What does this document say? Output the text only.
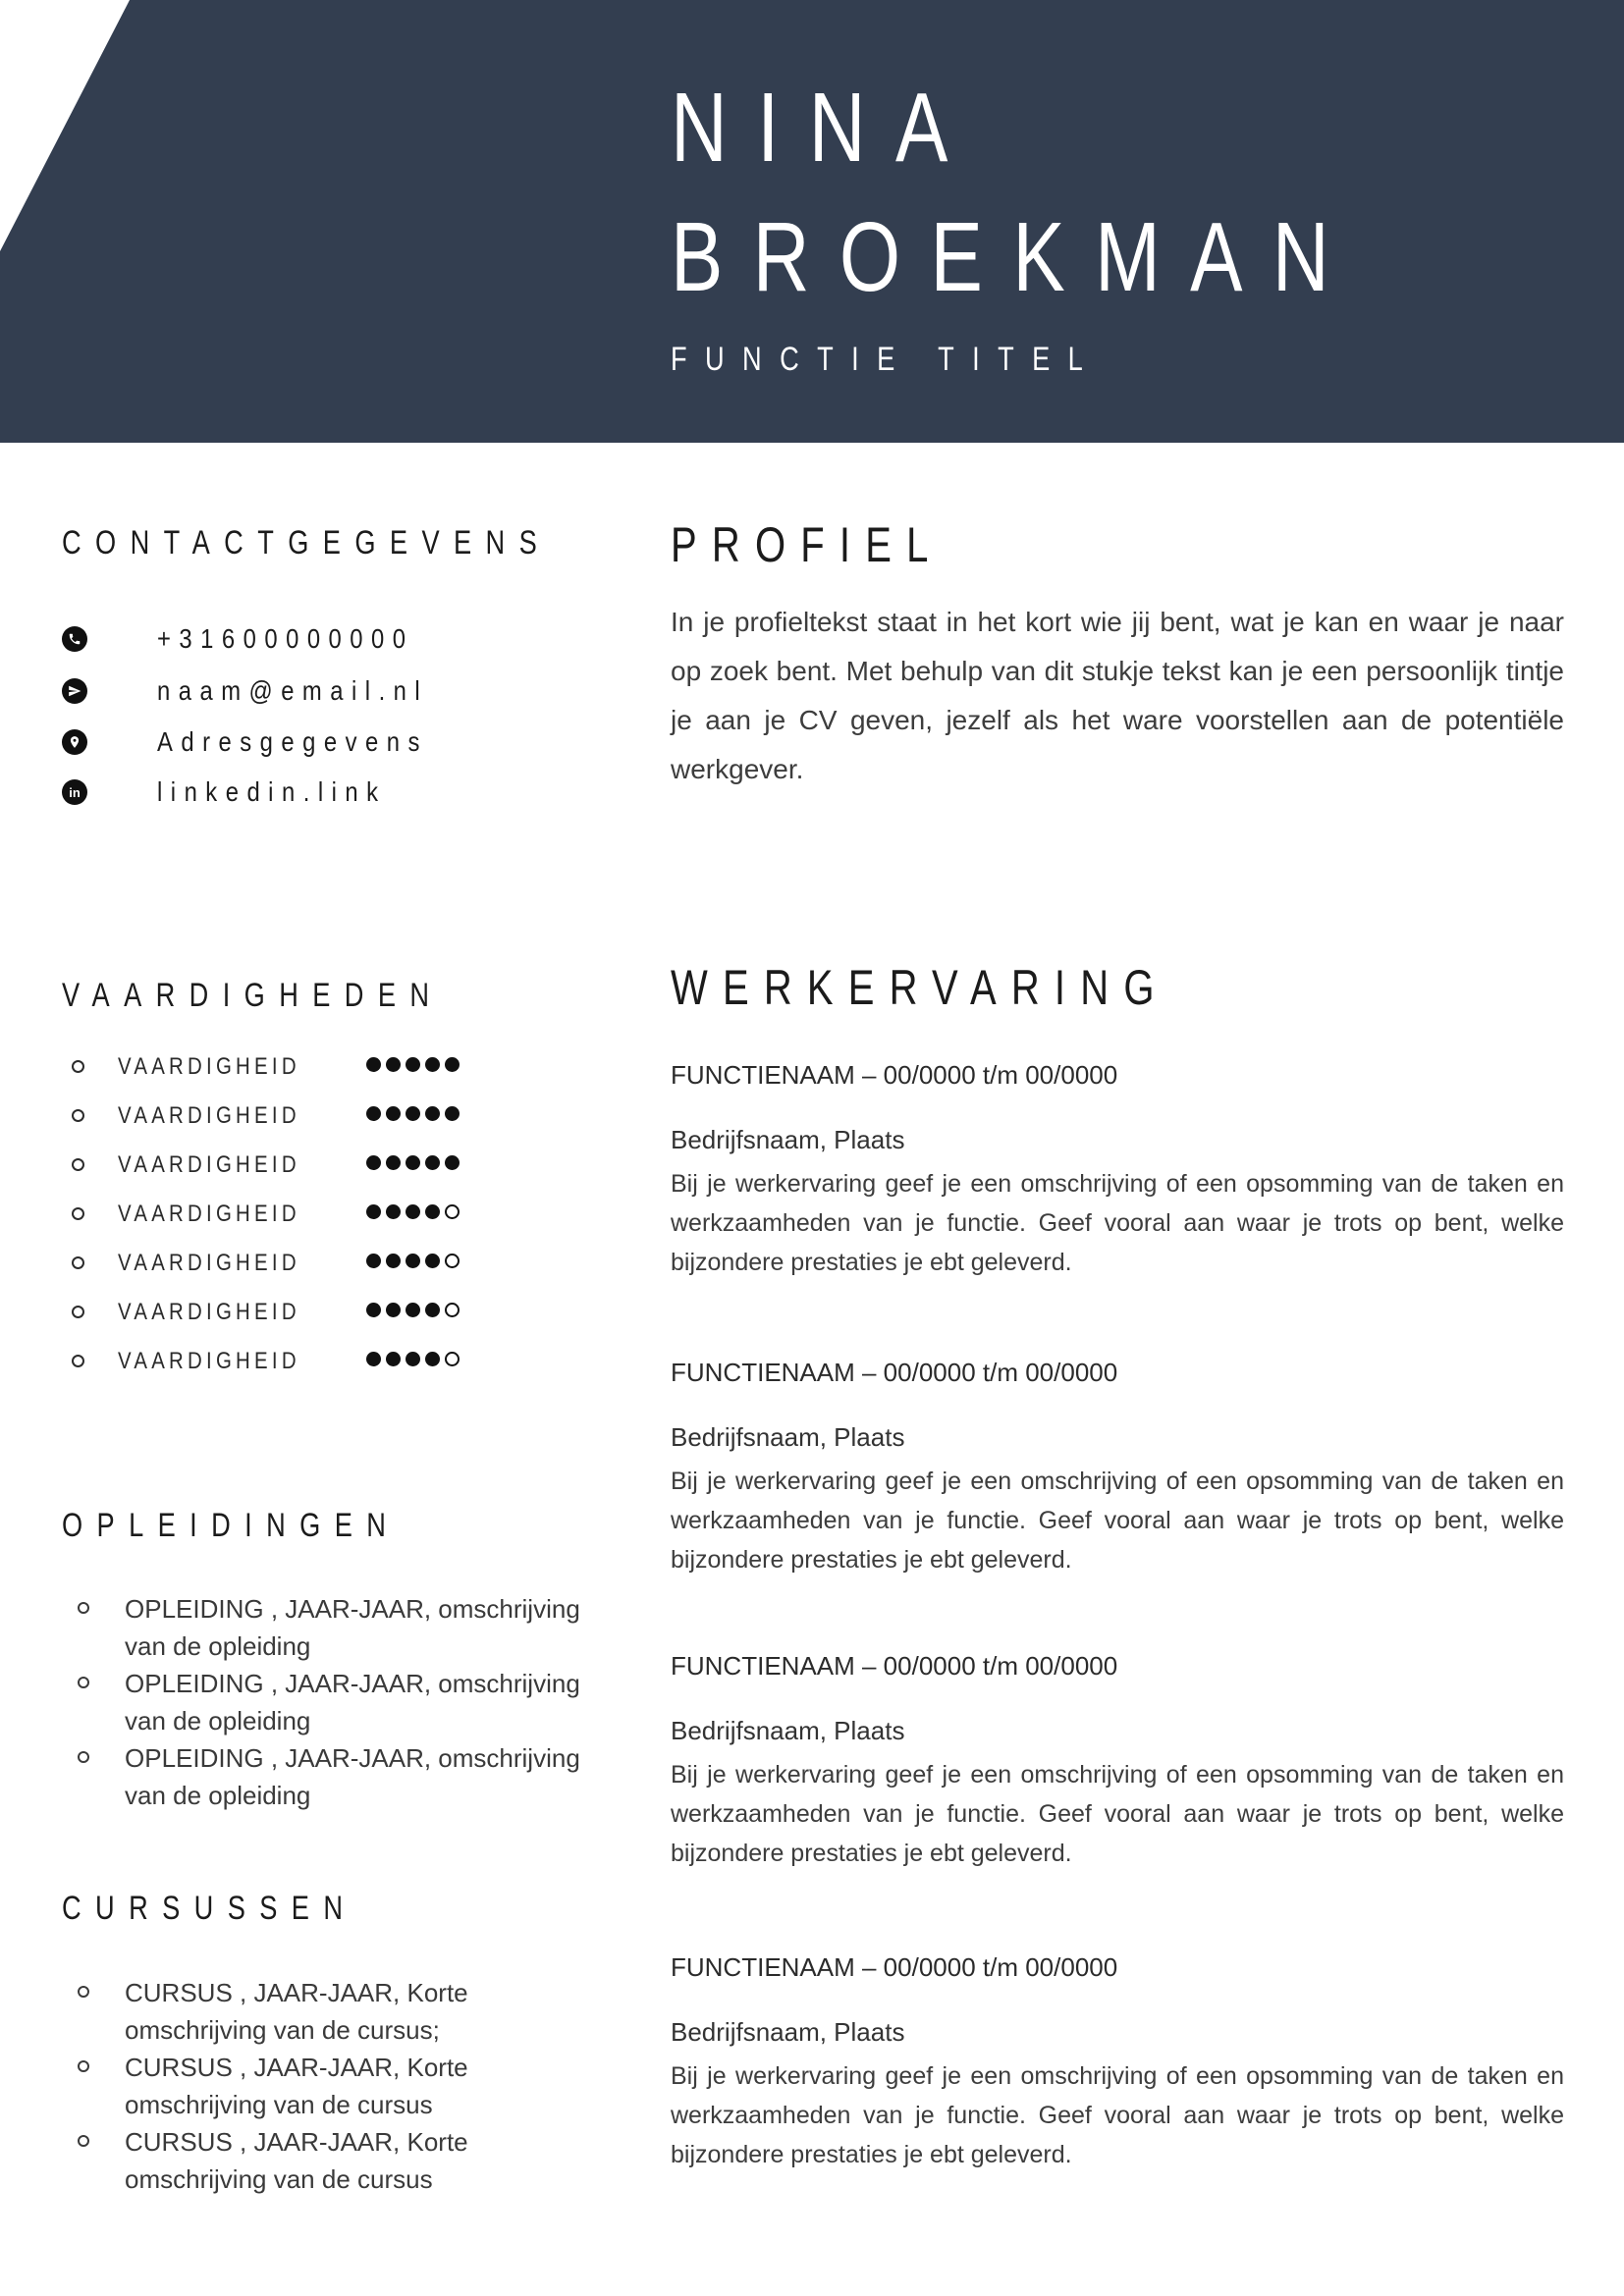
NINA
BROEKMAN
FUNCTIE TITEL
CONTACTGEGEVENS
+31600000000
naam@email.nl
Adresgegevens
in	linkedin.link
VAARDIGHEDEN
VAARDIGHEID
VAARDIGHEID
VAARDIGHEID
VAARDIGHEID
VAARDIGHEID
VAARDIGHEID
VAARDIGHEID
OPLEIDINGEN
OPLEIDING , JAAR-JAAR, omschrijving van de opleiding
OPLEIDING , JAAR-JAAR, omschrijving van de opleiding
OPLEIDING , JAAR-JAAR, omschrijving van de opleiding
CURSUSSEN
CURSUS , JAAR-JAAR, Korte omschrijving van de cursus;
CURSUS , JAAR-JAAR, Korte omschrijving van de cursus
CURSUS , JAAR-JAAR, Korte omschrijving van de cursus
PROFIEL
In je profieltekst staat in het kort wie jij bent, wat je kan en waar je naar op zoek bent. Met behulp van dit stukje tekst kan je een persoonlijk tintje je aan je CV geven, jezelf als het ware voorstellen aan de potentiële werkgever.
WERKERVARING
FUNCTIENAAM – 00/0000 t/m 00/0000
Bedrijfsnaam, Plaats
Bij je werkervaring geef je een omschrijving of een opsomming van de taken en werkzaamheden van je functie. Geef vooral aan waar je trots op bent, welke bijzondere prestaties je ebt geleverd.
FUNCTIENAAM – 00/0000 t/m 00/0000
Bedrijfsnaam, Plaats
Bij je werkervaring geef je een omschrijving of een opsomming van de taken en werkzaamheden van je functie. Geef vooral aan waar je trots op bent, welke bijzondere prestaties je ebt geleverd.
FUNCTIENAAM – 00/0000 t/m 00/0000
Bedrijfsnaam, Plaats
Bij je werkervaring geef je een omschrijving of een opsomming van de taken en werkzaamheden van je functie. Geef vooral aan waar je trots op bent, welke bijzondere prestaties je ebt geleverd.
FUNCTIENAAM – 00/0000 t/m 00/0000
Bedrijfsnaam, Plaats
Bij je werkervaring geef je een omschrijving of een opsomming van de taken en werkzaamheden van je functie. Geef vooral aan waar je trots op bent, welke bijzondere prestaties je ebt geleverd.
